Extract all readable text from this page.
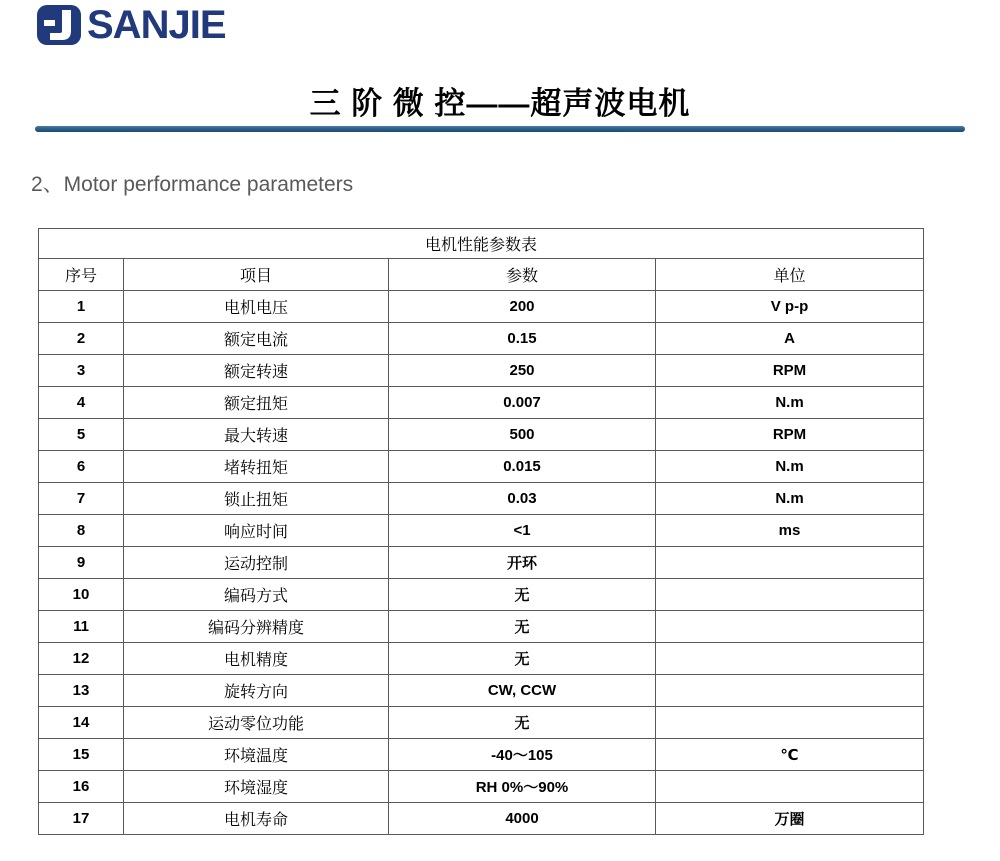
SANJIE
三 阶 微 控——超声波电机
2、Motor performance parameters
电机性能参数表			
序号	项目	参数	单位
1	电机电压	200	V p-p
2	额定电流	0.15	A
3	额定转速	250	RPM
4	额定扭矩	0.007	N.m
5	最大转速	500	RPM
6	堵转扭矩	0.015	N.m
7	锁止扭矩	0.03	N.m
8	响应时间	<1	ms
9	运动控制	开环	
10	编码方式	无	
11	编码分辨精度	无	
12	电机精度	无	
13	旋转方向	CW, CCW	
14	运动零位功能	无	
15	环境温度	-40～105	℃
16	环境湿度	RH 0%～90%	
17	电机寿命	4000	万圈
